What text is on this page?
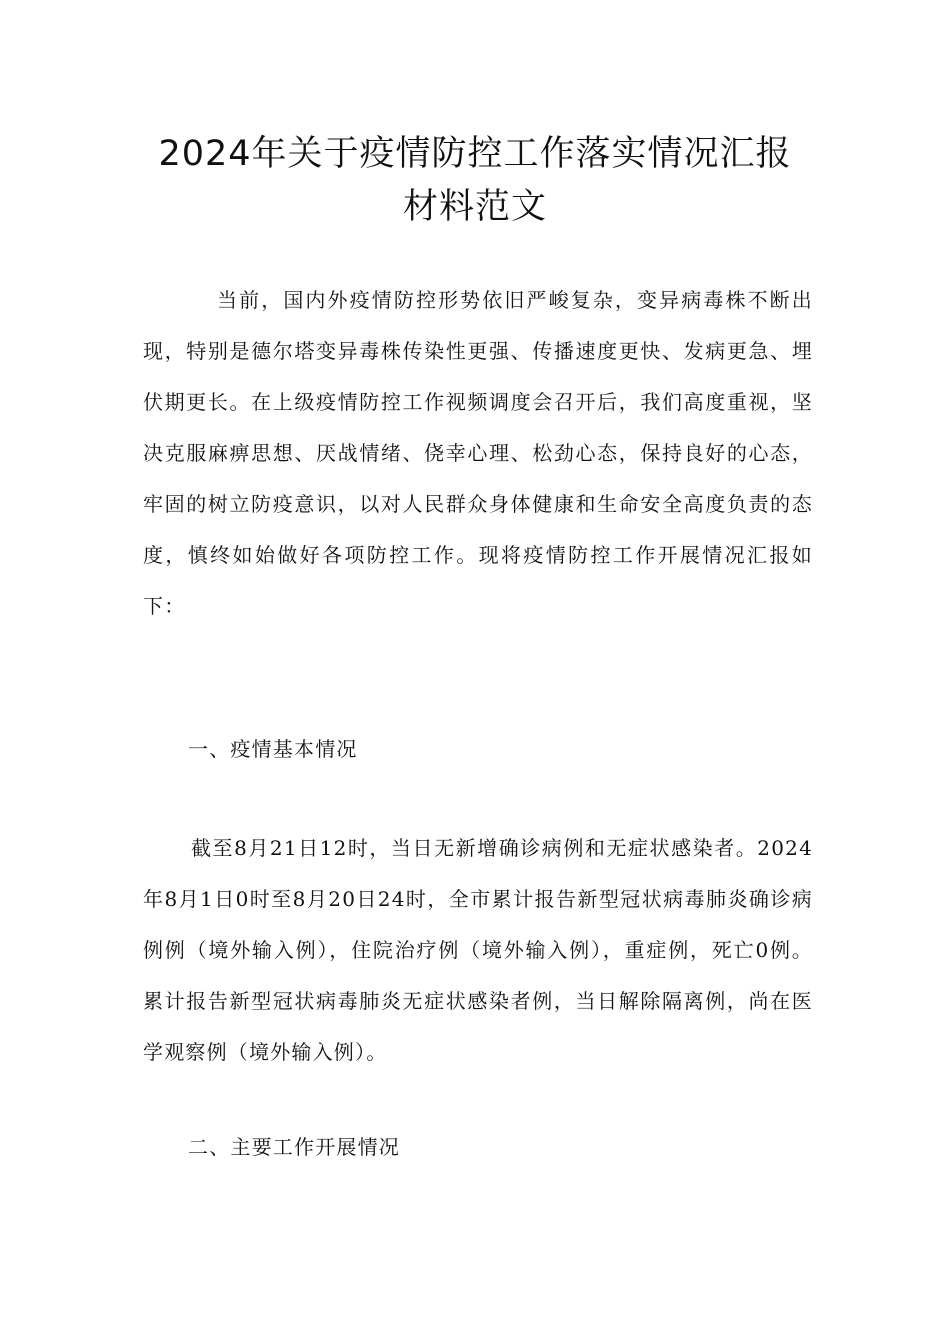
2024年关于疫情防控工作落实情况汇报
材料范文

当前，国内外疫情防控形势依旧严峻复杂，变异病毒株不断出现，特别是德尔塔变异毒株传染性更强、传播速度更快、发病更急、埋伏期更长。在上级疫情防控工作视频调度会召开后，我们高度重视，坚决克服麻痹思想、厌战情绪、侥幸心理、松劲心态，保持良好的心态，牢固的树立防疫意识，以对人民群众身体健康和生命安全高度负责的态度，慎终如始做好各项防控工作。现将疫情防控工作开展情况汇报如下：

一、疫情基本情况

截至8月21日12时，当日无新增确诊病例和无症状感染者。2024年8月1日0时至8月20日24时，全市累计报告新型冠状病毒肺炎确诊病例例（境外输入例），住院治疗例（境外输入例），重症例，死亡0例。累计报告新型冠状病毒肺炎无症状感染者例，当日解除隔离例，尚在医学观察例（境外输入例）。

二、主要工作开展情况
